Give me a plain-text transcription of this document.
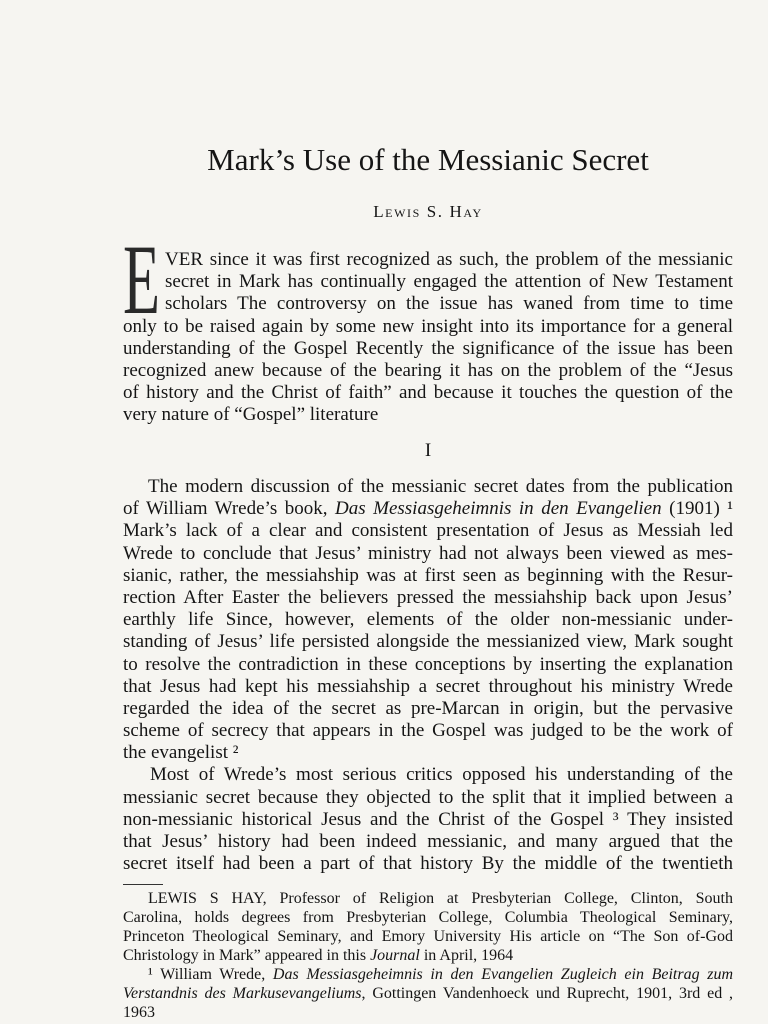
Mark’s Use of the Messianic Secret
Lewis S. Hay
E VER since it was first recognized as such, the problem of the messianic
secret in Mark has continually engaged the attention of New Testament
scholars The controversy on the issue has waned from time to time
only to be raised again by some new insight into its importance for a general
understanding of the Gospel Recently the significance of the issue has been
recognized anew because of the bearing it has on the problem of the “Jesus
of history and the Christ of faith” and because it touches the question of the
very nature of “Gospel” literature
I
The modern discussion of the messianic secret dates from the publication
of William Wrede’s book, Das Messiasgeheimnis in den Evangelien (1901) ¹
Mark’s lack of a clear and consistent presentation of Jesus as Messiah led
Wrede to conclude that Jesus’ ministry had not always been viewed as mes-
sianic, rather, the messiahship was at first seen as beginning with the Resur-
rection After Easter the believers pressed the messiahship back upon Jesus’
earthly life Since, however, elements of the older non-messianic under-
standing of Jesus’ life persisted alongside the messianized view, Mark sought
to resolve the contradiction in these conceptions by inserting the explanation
that Jesus had kept his messiahship a secret throughout his ministry Wrede
regarded the idea of the secret as pre-Marcan in origin, but the pervasive
scheme of secrecy that appears in the Gospel was judged to be the work of
the evangelist ²
Most of Wrede’s most serious critics opposed his understanding of the
messianic secret because they objected to the split that it implied between a
non-messianic historical Jesus and the Christ of the Gospel ³ They insisted
that Jesus’ history had been indeed messianic, and many argued that the
secret itself had been a part of that history By the middle of the twentieth
LEWIS S HAY, Professor of Religion at Presbyterian College, Clinton, South
Carolina, holds degrees from Presbyterian College, Columbia Theological Seminary,
Princeton Theological Seminary, and Emory University His article on “The Son of-God
Christology in Mark” appeared in this Journal in April, 1964
¹ William Wrede, Das Messiasgeheimnis in den Evangelien Zugleich ein Beitrag zum
Verstandnis des Markusevangeliums, Gottingen Vandenhoeck und Ruprecht, 1901, 3rd ed ,
1963
